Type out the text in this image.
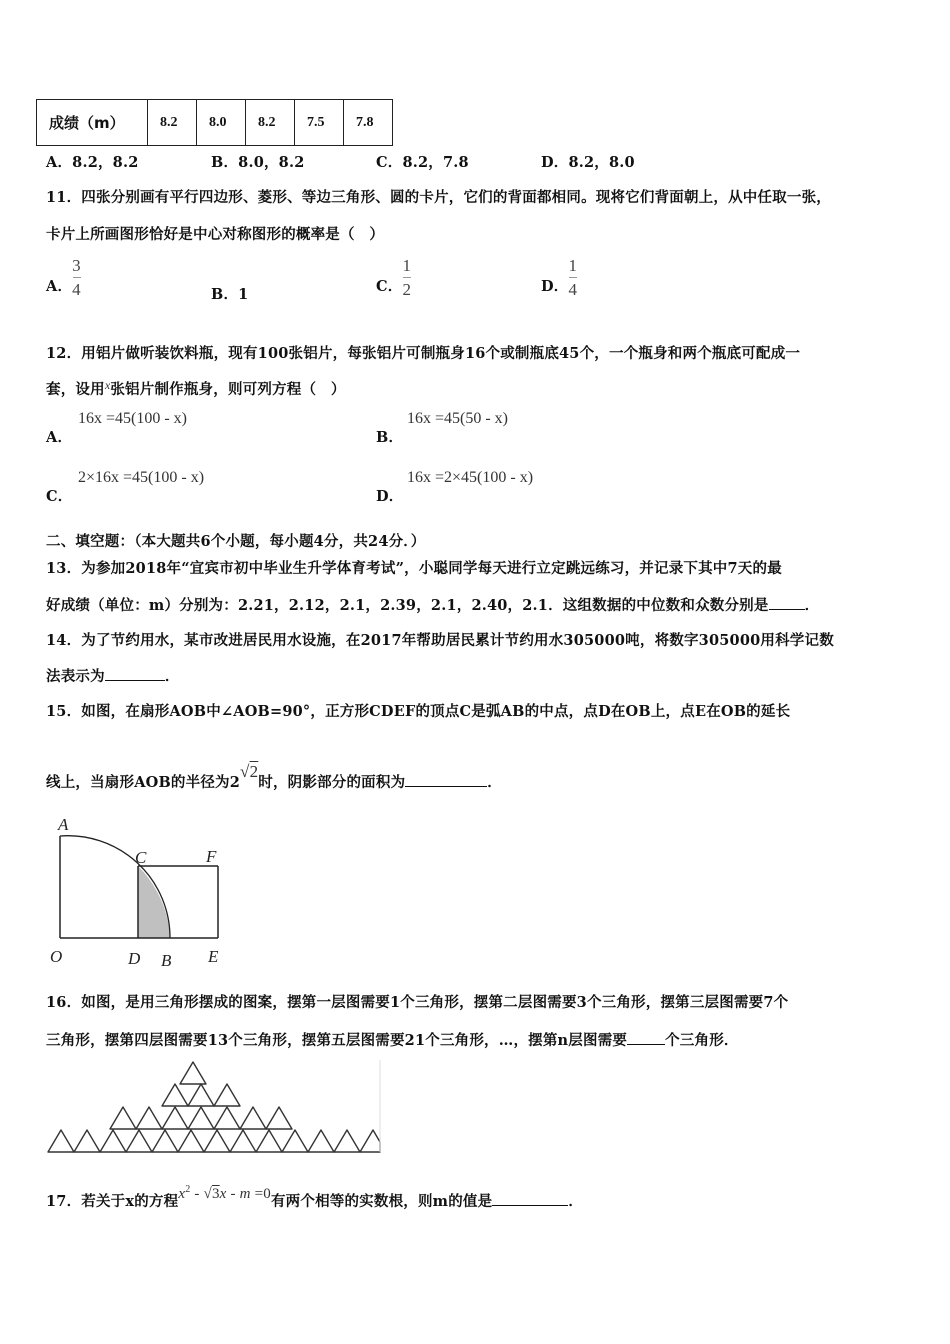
成绩（m）	8.2	8.0	8.2	7.5	7.8
A．8.2，8.2	B．8.0，8.2	C．8.2，7.8	D．8.2，8.0
11．四张分别画有平行四边形、菱形、等边三角形、圆的卡片，它们的背面都相同。现将它们背面朝上，从中任取一张，
卡片上所画图形恰好是中心对称图形的概率是（　）
A． $\frac{3}{4}$	B．1	C． $\frac{1}{2}$	D． $\frac{1}{4}$
12．用铝片做听装饮料瓶，现有100张铝片，每张铝片可制瓶身16个或制瓶底45个，一个瓶身和两个瓶底可配成一
套，设用$^x$张铝片制作瓶身，则可列方程（　）
A．
16x =45(100 - x)
B．
16x =45(50 - x)
C．
2×16x =45(100 - x)
D．
16x =2×45(100 - x)
二、填空题：（本大题共6个小题，每小题4分，共24分．）
13．为参加2018年“宜宾市初中毕业生升学体育考试”，小聪同学每天进行立定跳远练习，并记录下其中7天的最
好成绩（单位：m）分别为：2.21，2.12，2.1，2.39，2.1，2.40，2.1．这组数据的中位数和众数分别是 ．
14．为了节约用水，某市改进居民用水设施，在2017年帮助居民累计节约用水305000吨，将数字305000用科学记数
法表示为	．
15．如图，在扇形AOB中∠AOB=90°，正方形CDEF的顶点C是弧AB的中点，点D在OB上，点E在OB的延长
线上，当扇形AOB的半径为2√2时，阴影部分的面积为	．
A
C	F
O	D B E
16．如图，是用三角形摆成的图案，摆第一层图需要1个三角形，摆第二层图需要3个三角形，摆第三层图需要7个
三角形，摆第四层图需要13个三角形，摆第五层图需要21个三角形，…，摆第n层图需要	个三角形．
17．若关于x的方程$x^2 - √3x - m =0$有两个相等的实数根，则m的值是	．
